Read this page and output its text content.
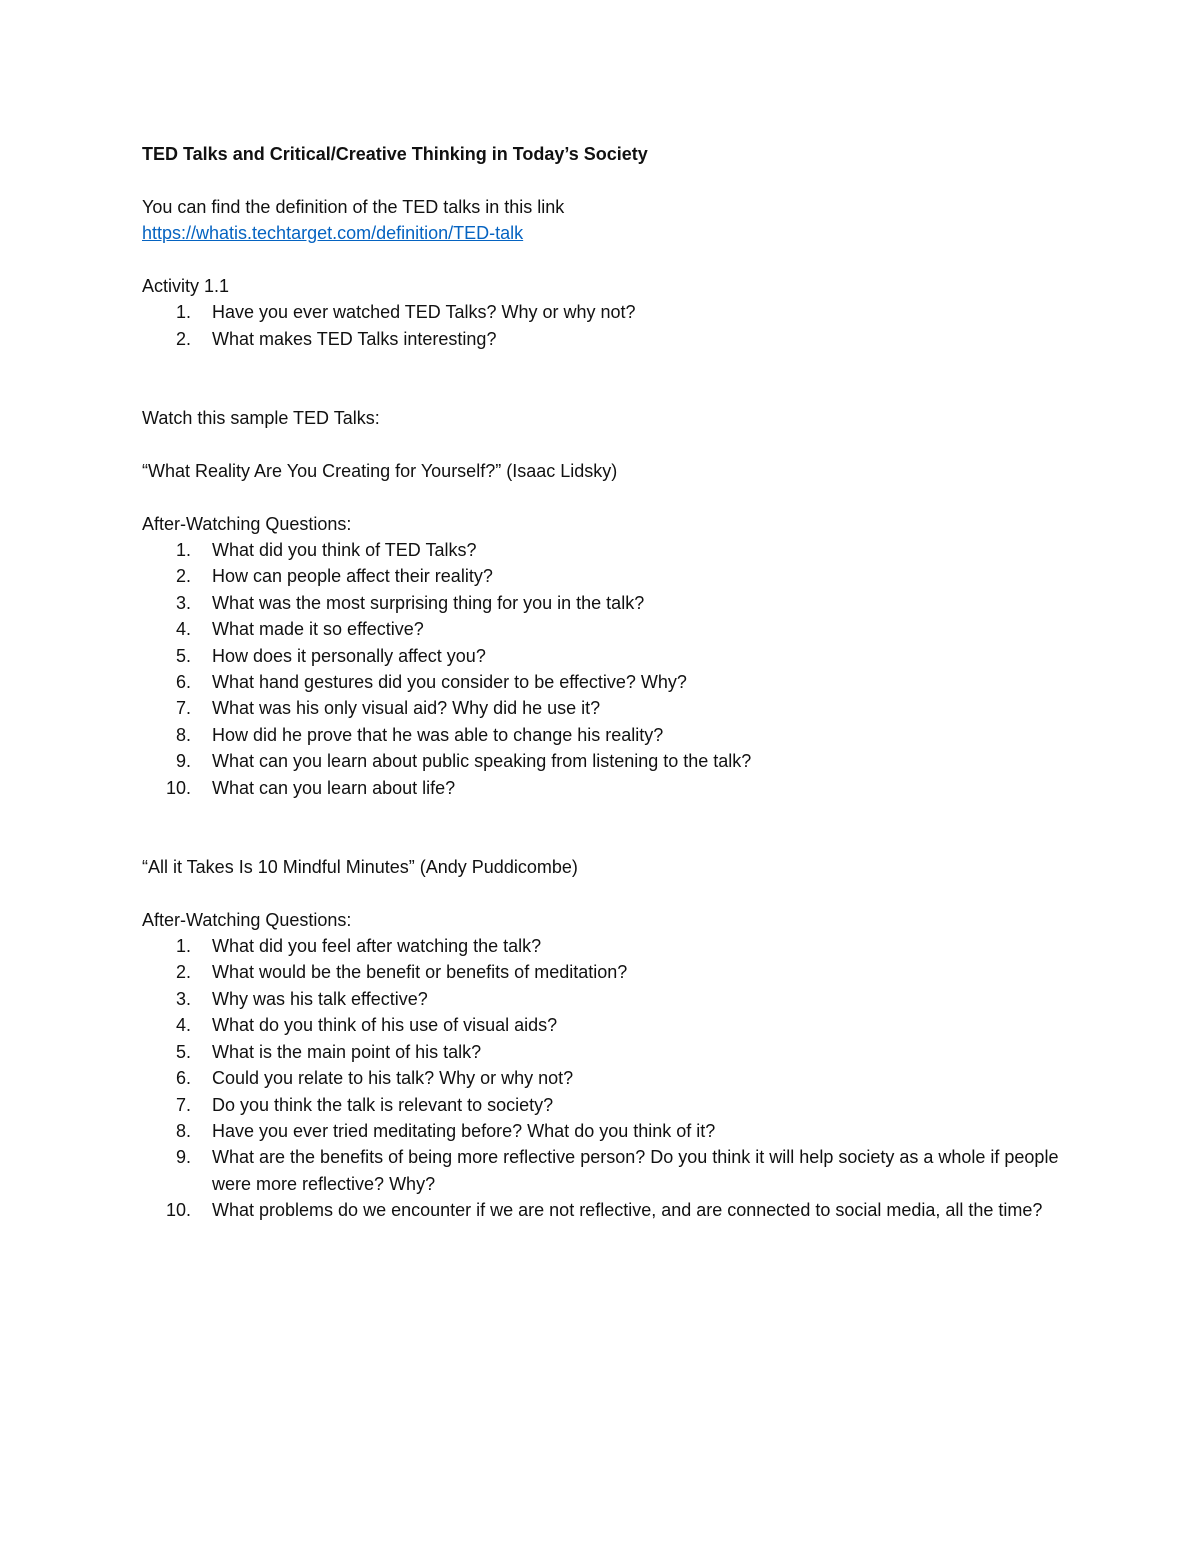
TED Talks and Critical/Creative Thinking in Today’s Society

You can find the definition of the TED talks in this link

https://whatis.techtarget.com/definition/TED-talk

Activity 1.1

1. Have you ever watched TED Talks? Why or why not?
2. What makes TED Talks interesting?

Watch this sample TED Talks:

“What Reality Are You Creating for Yourself?” (Isaac Lidsky)

After-Watching Questions:

1. What did you think of TED Talks?
2. How can people affect their reality?
3. What was the most surprising thing for you in the talk?
4. What made it so effective?
5. How does it personally affect you?
6. What hand gestures did you consider to be effective? Why?
7. What was his only visual aid? Why did he use it?
8. How did he prove that he was able to change his reality?
9. What can you learn about public speaking from listening to the talk?
10. What can you learn about life?

“All it Takes Is 10 Mindful Minutes” (Andy Puddicombe)

After-Watching Questions:

1. What did you feel after watching the talk?
2. What would be the benefit or benefits of meditation?
3. Why was his talk effective?
4. What do you think of his use of visual aids?
5. What is the main point of his talk?
6. Could you relate to his talk? Why or why not?
7. Do you think the talk is relevant to society?
8. Have you ever tried meditating before? What do you think of it?
9. What are the benefits of being more reflective person? Do you think it will help society as a whole if people were more reflective? Why?
10. What problems do we encounter if we are not reflective, and are connected to social media, all the time?
